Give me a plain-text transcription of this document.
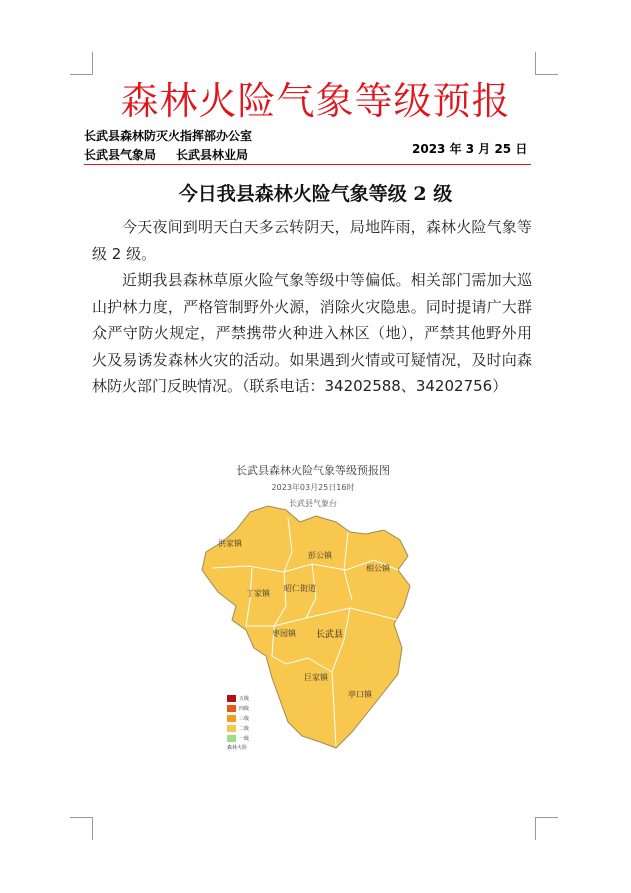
森林火险气象等级预报
长武县森林防灭火指挥部办公室
长武县气象局 长武县林业局	2023 年 3 月 25 日
今日我县森林火险气象等级 2 级

今天夜间到明天白天多云转阴天，局地阵雨，森林火险气象等级 2 级。

近期我县森林草原火险气象等级中等偏低。相关部门需加大巡山护林力度，严格管制野外火源，消除火灾隐患。同时提请广大群众严守防火规定，严禁携带火种进入林区（地），严禁其他野外用火及易诱发森林火灾的活动。如果遇到火情或可疑情况，及时向森林防火部门反映情况。（联系电话：34202588、34202756）

长武县森林火险气象等级预报图
2023年03月25日16时
长武县气象台
洪家镇
彭公镇
相公镇
丁家镇
昭仁街道
枣园镇
巨家镇
亭口镇
长武县
五级
四级
三级
二级
一级
森林火险
